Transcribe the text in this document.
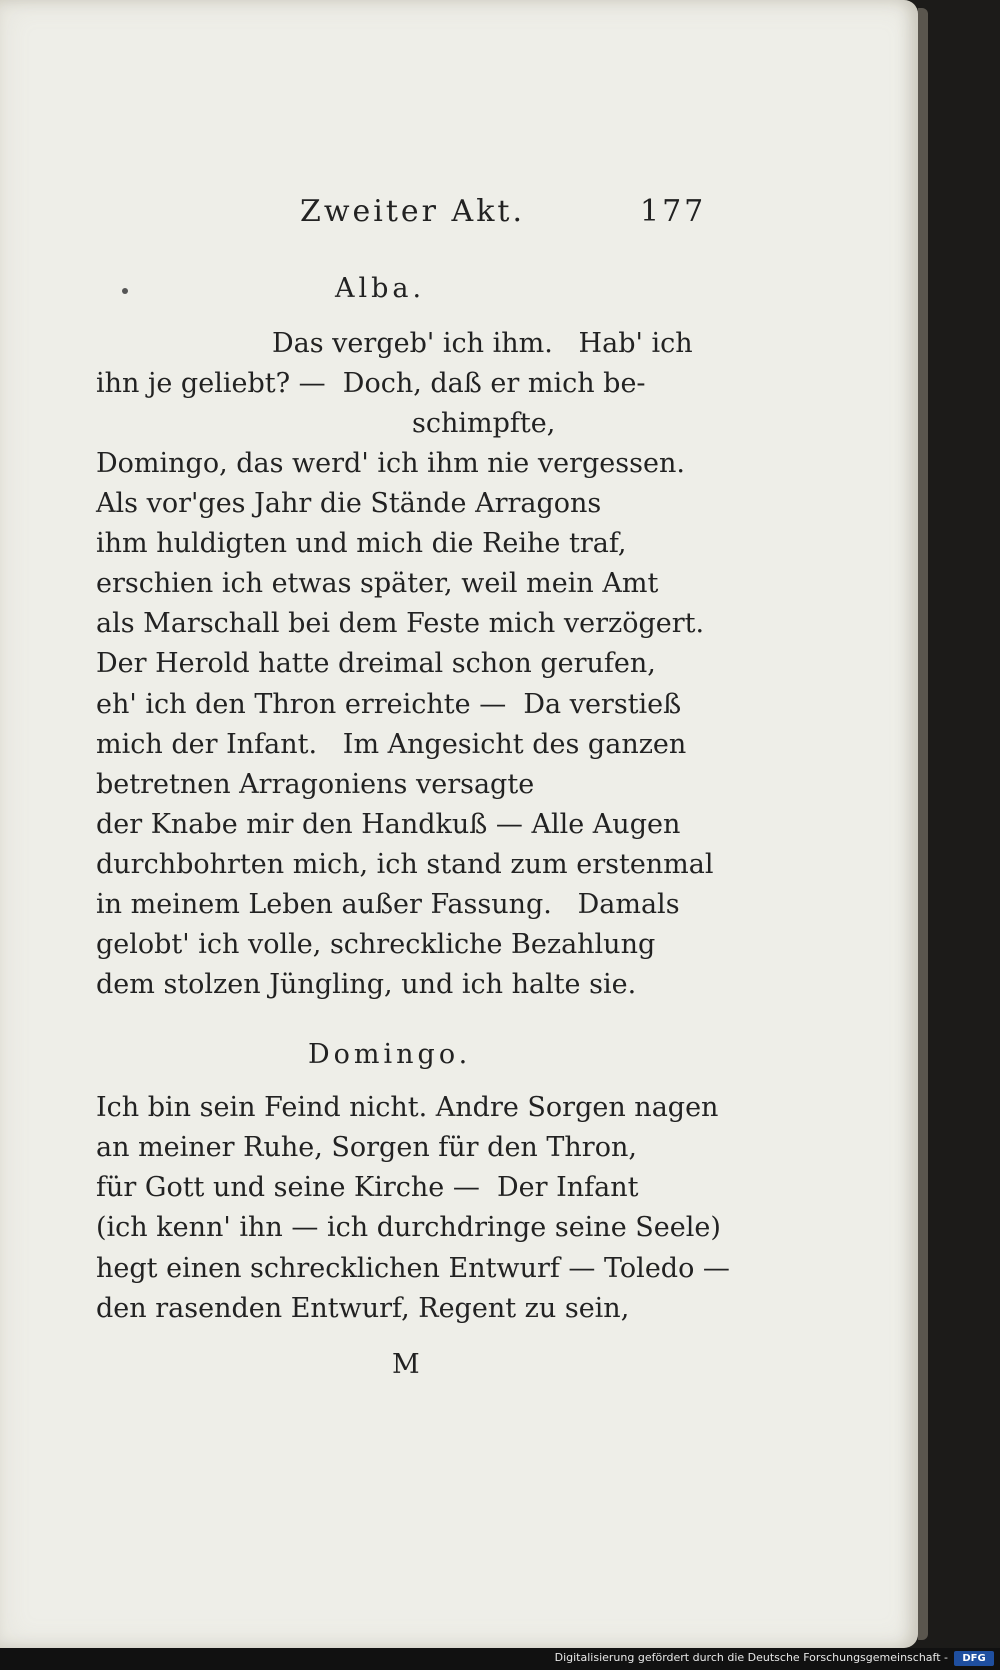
Zweiter Akt.	177

Alba.

Das vergeb' ich ihm.   Hab' ich

ihn je geliebt? —  Doch, daß er mich be-

schimpfte,

Domingo, das werd' ich ihm nie vergessen.

Als vor'ges Jahr die Stände Arragons

ihm huldigten und mich die Reihe traf,

erschien ich etwas später, weil mein Amt

als Marschall bei dem Feste mich verzögert.

Der Herold hatte dreimal schon gerufen,

eh' ich den Thron erreichte —  Da verstieß

mich der Infant.   Im Angesicht des ganzen

betretnen Arragoniens versagte

der Knabe mir den Handkuß — Alle Augen

durchbohrten mich, ich stand zum erstenmal

in meinem Leben außer Fassung.   Damals

gelobt' ich volle, schreckliche Bezahlung

dem stolzen Jüngling, und ich halte sie.

Domingo.

Ich bin sein Feind nicht. Andre Sorgen nagen

an meiner Ruhe, Sorgen für den Thron,

für Gott und seine Kirche —  Der Infant

(ich kenn' ihn — ich durchdringe seine Seele)

hegt einen schrecklichen Entwurf — Toledo —

den rasenden Entwurf, Regent zu sein,

M

Digitalisierung gefördert durch die Deutsche Forschungsgemeinschaft -	DFG
